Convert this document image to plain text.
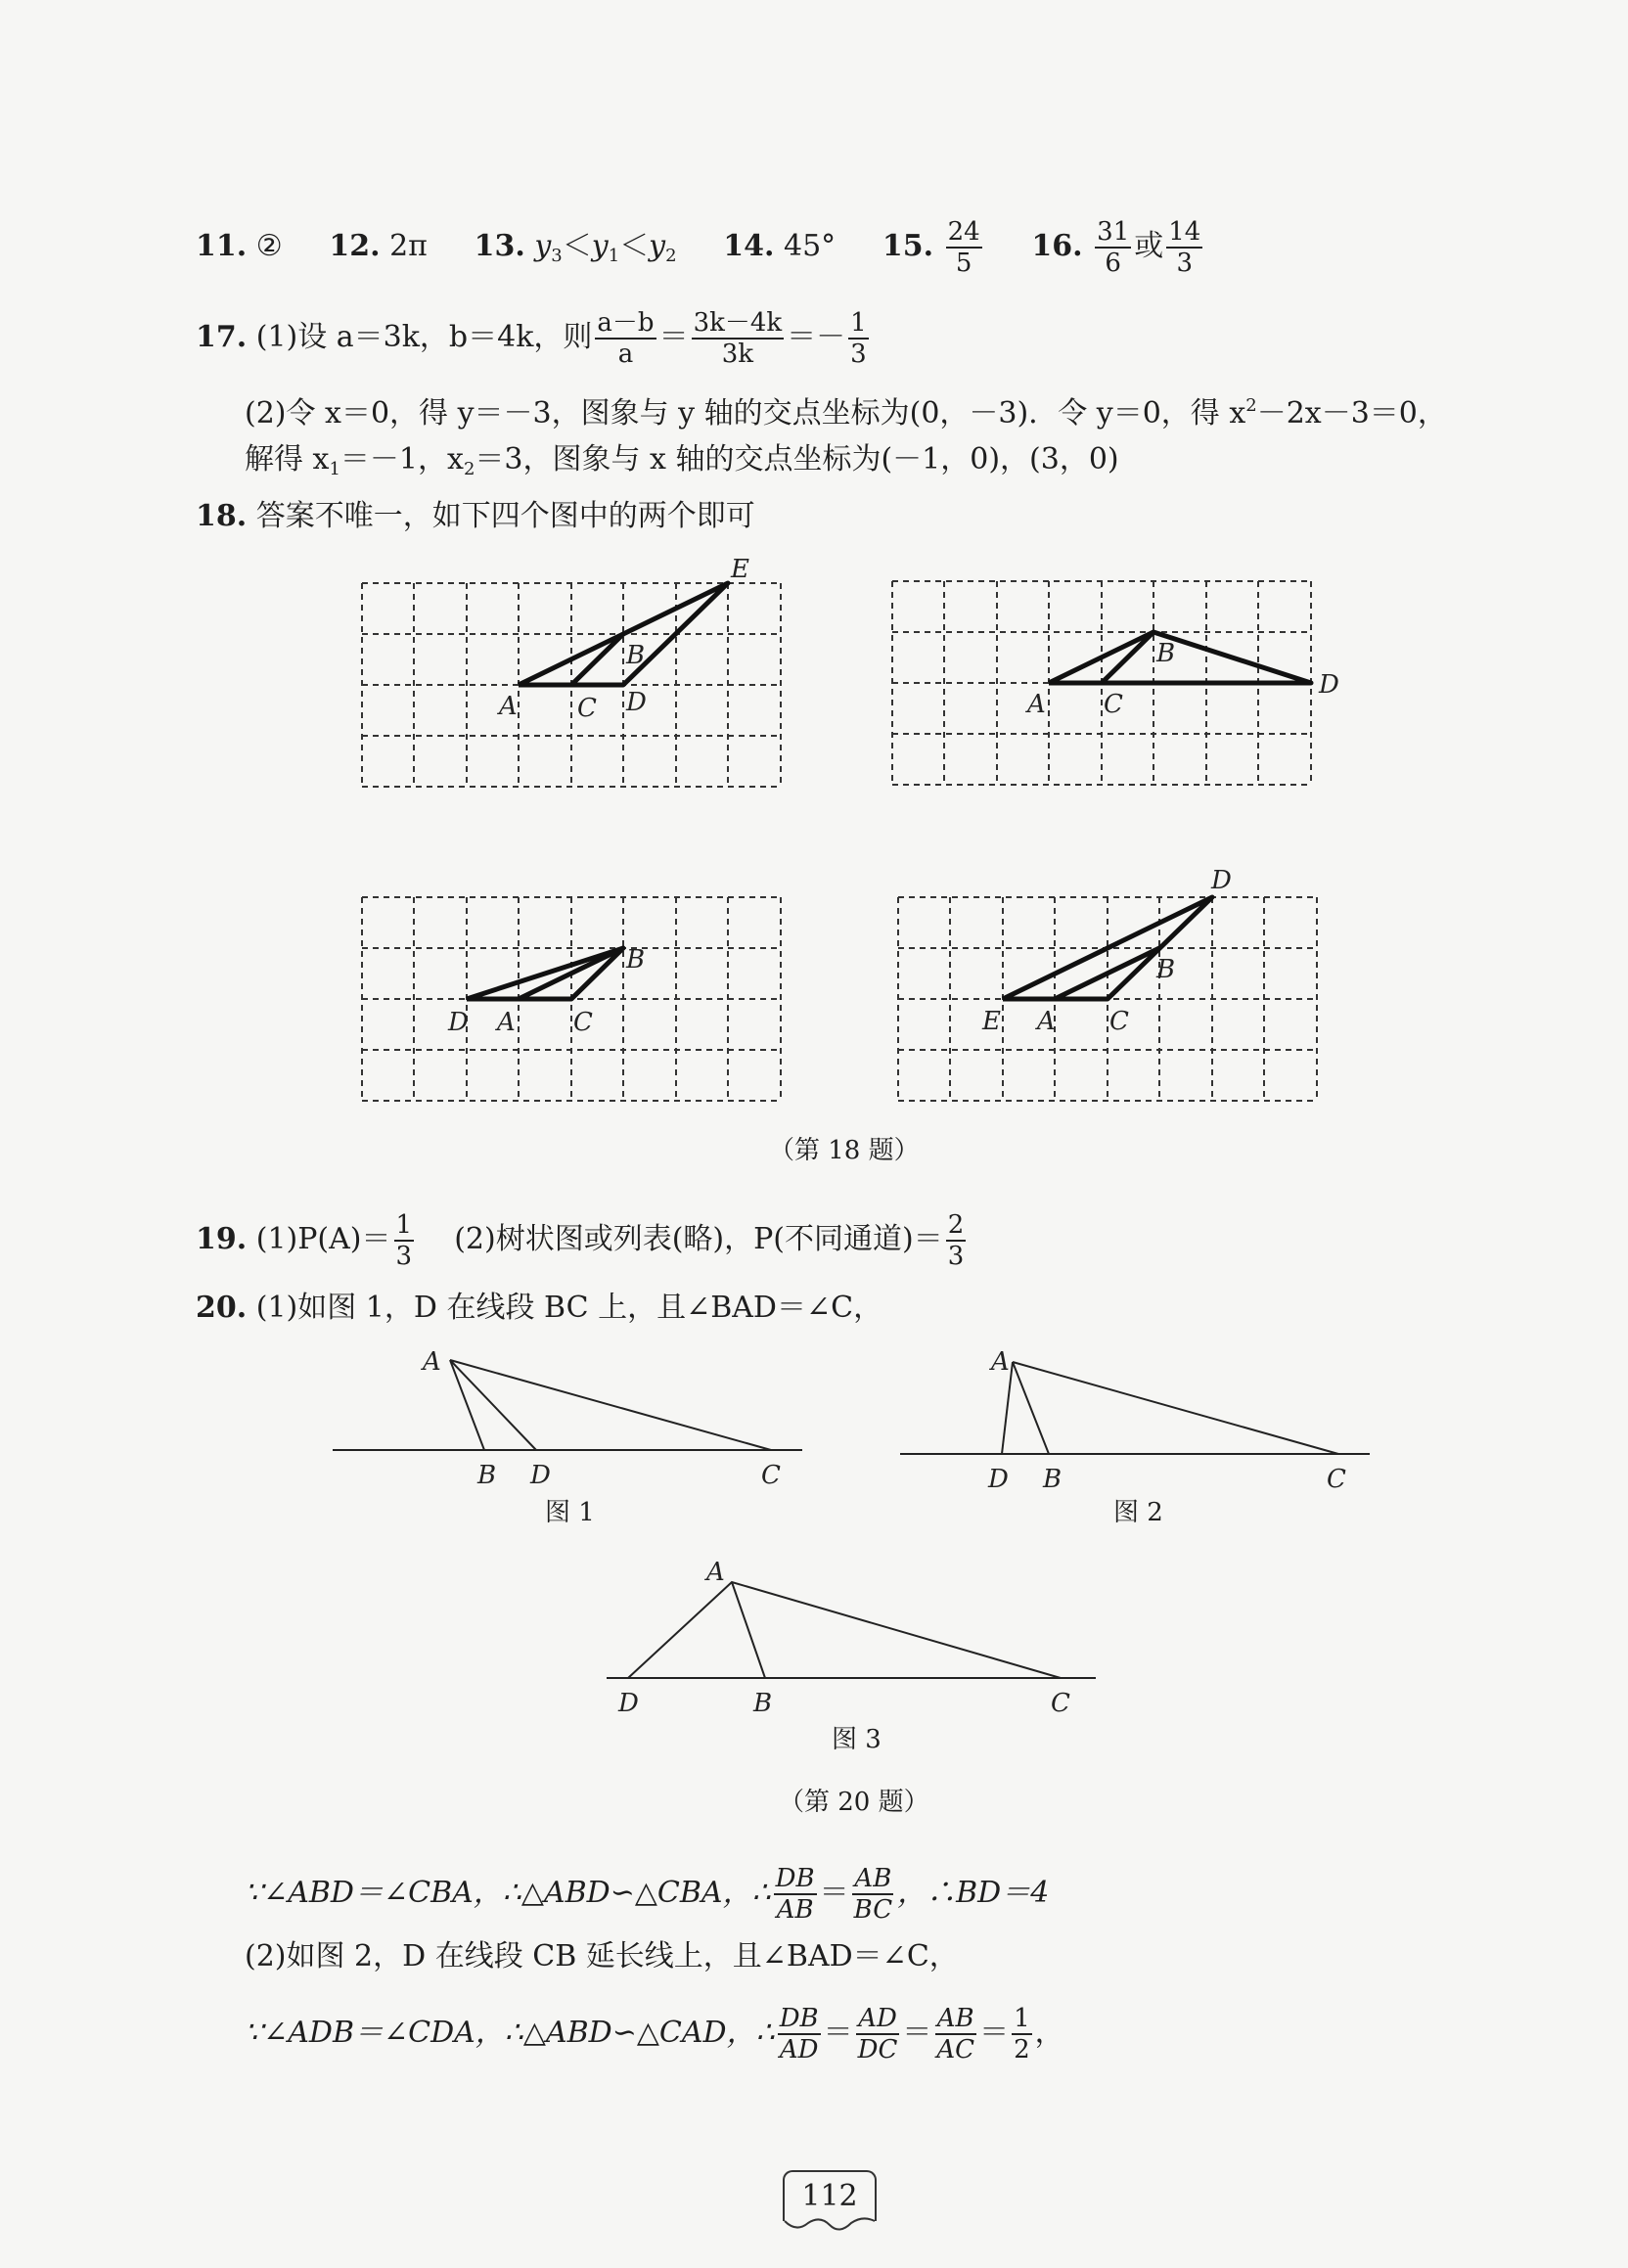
11. ② 12. 2π 13. $y_3<y_1<y_2$ 14. 45° 15. $\frac{24}{5} 16$. $\frac{31}{6}$ 或 $\frac{14}{3}$
17. (1)设 a＝3k，b＝4k，则 $\frac{a-b}{a} = \frac{3k-4k}{3k} =- \frac{1}{3}$
(2)令 x＝0，得 y＝－3，图象与 y 轴的交点坐标为(0，－3)．令 y＝0，得 $x^2-2x-3=0$，
解得 $x_1=-1$，$x_2=3$，图象与 x 轴的交点坐标为(－1，0)，(3，0)
18. 答案不唯一，如下四个图中的两个即可
E
B
A C D
B
A C
D
B
D A C
D
B
E A C
（第 18 题）
19. $(1)P(A)= \frac{1}{3} (2)$树状图或列表(略)，P(不同通道)＝ $\frac{2}{3}$
20. (1)如图 1，D 在线段 BC 上，且∠BAD＝∠C，
A
B D	C
图 1
A
D B	C
图 2
A
D	B	C
图 3
（第 20 题）
∵∠ABD＝∠CBA，∴△ABD∽△CBA，∴ $\frac{DB}{AB} = \frac{AB}{BC}$ ，∴BD＝4
(2)如图 2，D 在线段 CB 延长线上，且∠BAD＝∠C，
∵∠ADB＝∠CDA，∴△ABD∽△CAD，∴ $\frac{DB}{AD} = \frac{AD}{DC} = \frac{AB}{AC} = \frac{1}{2}$ ，
112
